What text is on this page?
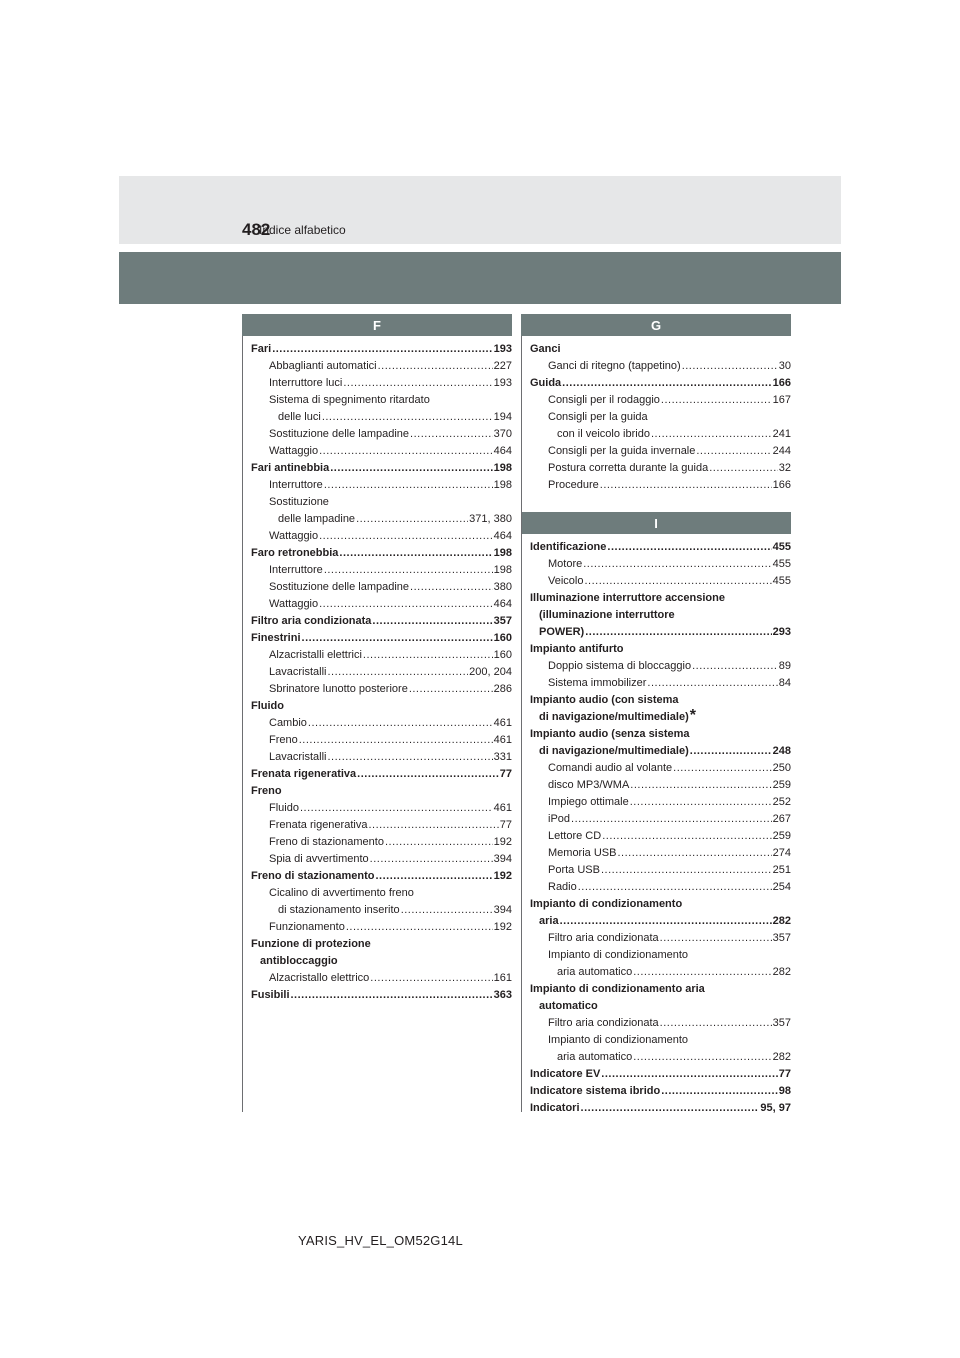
482
Indice alfabetico
F
Fari .....	193
Abbaglianti automatici .....	227
Interruttore luci .....	193
Sistema di spegnimento ritardato
delle luci .....	194
Sostituzione delle lampadine .....	370
Wattaggio .....	464
Fari antinebbia .....	198
Interruttore .....	198
Sostituzione
delle lampadine .....	371, 380
Wattaggio .....	464
Faro retronebbia .....	198
Interruttore .....	198
Sostituzione delle lampadine .....	380
Wattaggio .....	464
Filtro aria condizionata .....	357
Finestrini .....	160
Alzacristalli elettrici .....	160
Lavacristalli .....	200, 204
Sbrinatore lunotto posteriore .....	286
Fluido
Cambio .....	461
Freno .....	461
Lavacristalli .....	331
Frenata rigenerativa .....	77
Freno
Fluido .....	461
Frenata rigenerativa .....	77
Freno di stazionamento .....	192
Spia di avvertimento .....	394
Freno di stazionamento .....	192
Cicalino di avvertimento freno
di stazionamento inserito .....	394
Funzionamento .....	192
Funzione di protezione
antibloccaggio
Alzacristallo elettrico .....	161
Fusibili .....	363
G
Ganci
Ganci di ritegno (tappetino) .....	30
Guida .....	166
Consigli per il rodaggio .....	167
Consigli per la guida
con il veicolo ibrido .....	241
Consigli per la guida invernale .....	244
Postura corretta durante la guida .....	32
Procedure .....	166
I
Identificazione .....	455
Motore .....	455
Veicolo .....	455
Illuminazione interruttore accensione
(illuminazione interruttore
POWER) .....	293
Impianto antifurto
Doppio sistema di bloccaggio .....	89
Sistema immobilizer .....	84
Impianto audio (con sistema
di navigazione/multimediale) *
Impianto audio (senza sistema
di navigazione/multimediale) .....	248
Comandi audio al volante .....	250
disco MP3/WMA .....	259
Impiego ottimale .....	252
iPod .....	267
Lettore CD .....	259
Memoria USB .....	274
Porta USB .....	251
Radio .....	254
Impianto di condizionamento
aria .....	282
Filtro aria condizionata .....	357
Impianto di condizionamento
aria automatico .....	282
Impianto di condizionamento aria
automatico
Filtro aria condizionata .....	357
Impianto di condizionamento
aria automatico .....	282
Indicatore EV .....	77
Indicatore sistema ibrido .....	98
Indicatori .....	95, 97
YARIS_HV_EL_OM52G14L
